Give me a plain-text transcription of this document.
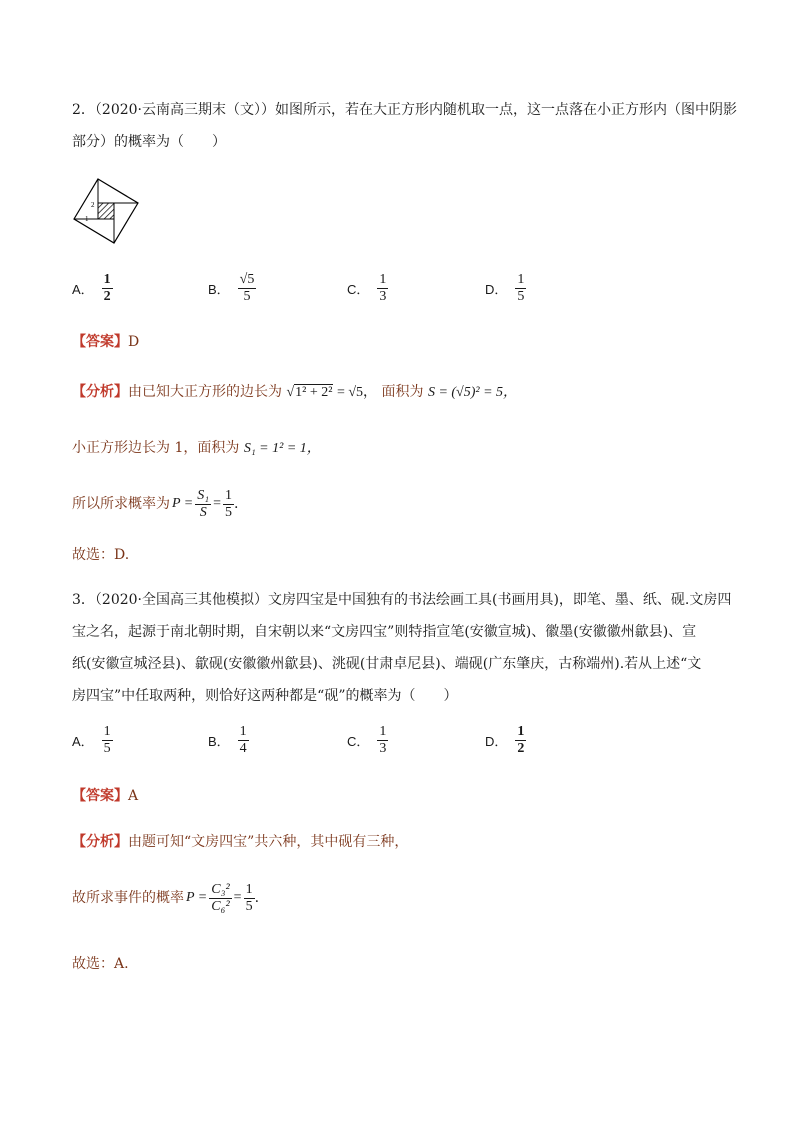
2．（2020·云南高三期末（文））如图所示，若在大正方形内随机取一点，这一点落在小正方形内（图中阴影
部分）的概率为（　　）
2
1
A． $\frac{1}{2}$	B． $\frac{√5}{5}$	C． $\frac{1}{3}$	D． $\frac{1}{5}$
【答案】D
【分析】由已知大正方形的边长为 √1² + 2² = √5， 面积为 S = (√5)² = 5，
小正方形边长为 1，面积为 S₁ = 1² = 1，
所以所求概率为 $P = \frac{\text{S₁}}{S} = \frac{1}{5}$ .
故选：D.
3．（2020·全国高三其他模拟）文房四宝是中国独有的书法绘画工具(书画用具)，即笔、墨、纸、砚.文房四
宝之名，起源于南北朝时期，自宋朝以来“文房四宝”则特指宣笔(安徽宣城)、徽墨(安徽徽州歙县)、宣
纸(安徽宣城泾县)、歙砚(安徽徽州歙县)、洮砚(甘肃卓尼县)、端砚(广东肇庆，古称端州).若从上述“文
房四宝”中任取两种，则恰好这两种都是“砚”的概率为（　　）
A． $\frac{1}{5}$	B． $\frac{1}{4}$	C． $\frac{1}{3}$	D． $\frac{1}{2}$
【答案】A
【分析】由题可知“文房四宝”共六种，其中砚有三种，
故所求事件的概率 $P = \frac{\text{C₃²}}{\text{C₆²}} = \frac{1}{5}$ .
故选：A.
